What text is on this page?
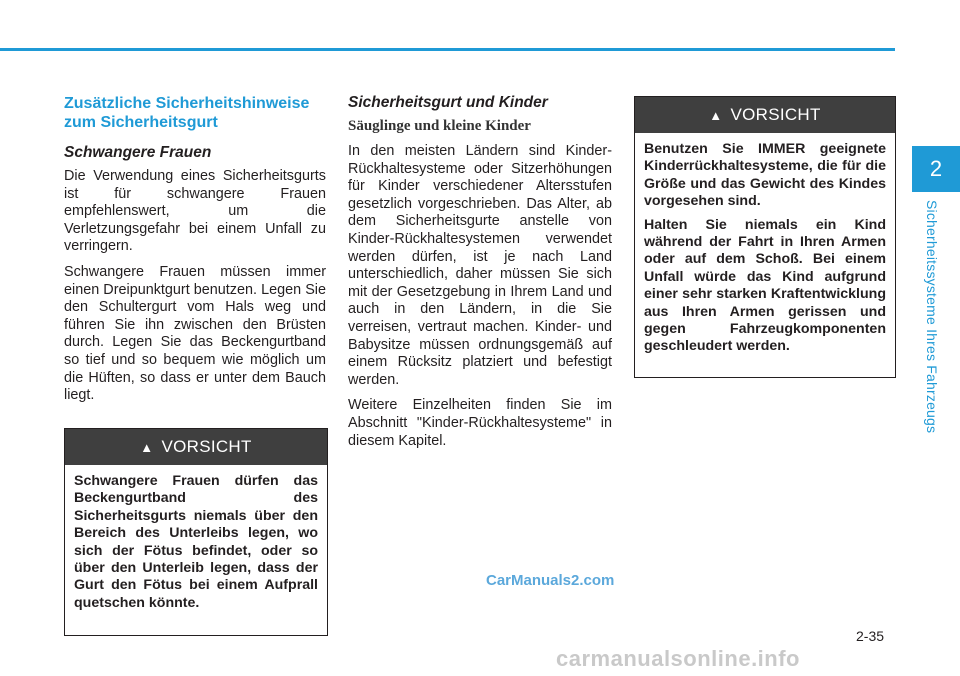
2
Sicherheitssysteme Ihres Fahrzeugs
Zusätzliche Sicherheitshinweise zum Sicherheitsgurt
Schwangere Frauen

Die Verwendung eines Sicherheitsgurts ist für schwangere Frauen empfehlenswert, um die Verletzungsgefahr bei einem Unfall zu verringern.

Schwangere Frauen müssen immer einen Dreipunktgurt benutzen. Legen Sie den Schultergurt vom Hals weg und führen Sie ihn zwischen den Brüsten durch. Legen Sie das Beckengurtband so tief und so bequem wie möglich um die Hüften, so dass er unter dem Bauch liegt.

▲ VORSICHT

Schwangere Frauen dürfen das Beckengurtband des Sicherheitsgurts niemals über den Bereich des Unterleibs legen, wo sich der Fötus befindet, oder so über den Unterleib legen, dass der Gurt den Fötus bei einem Aufprall quetschen könnte.

Sicherheitsgurt und Kinder
Säuglinge und kleine Kinder

In den meisten Ländern sind Kinder-Rückhaltesysteme oder Sitzerhöhungen für Kinder verschiedener Altersstufen gesetzlich vorgeschrieben. Das Alter, ab dem Sicherheitsgurte anstelle von Kinder-Rückhaltesystemen verwendet werden dürfen, ist je nach Land unterschiedlich, daher müssen Sie sich mit der Gesetzgebung in Ihrem Land und auch in den Ländern, in die Sie verreisen, vertraut machen. Kinder- und Babysitze müssen ordnungsgemäß auf einem Rücksitz platziert und befestigt werden.

Weitere Einzelheiten finden Sie im Abschnitt "Kinder-Rückhaltesysteme" in diesem Kapitel.

▲ VORSICHT

Benutzen Sie IMMER geeignete Kinderrückhaltesysteme, die für die Größe und das Gewicht des Kindes vorgesehen sind.

Halten Sie niemals ein Kind während der Fahrt in Ihren Armen oder auf dem Schoß. Bei einem Unfall würde das Kind aufgrund einer sehr starken Kraftentwicklung aus Ihren Armen gerissen und gegen Fahrzeugkomponenten geschleudert werden.

CarManuals2.com
2-35
carmanualsonline.info
